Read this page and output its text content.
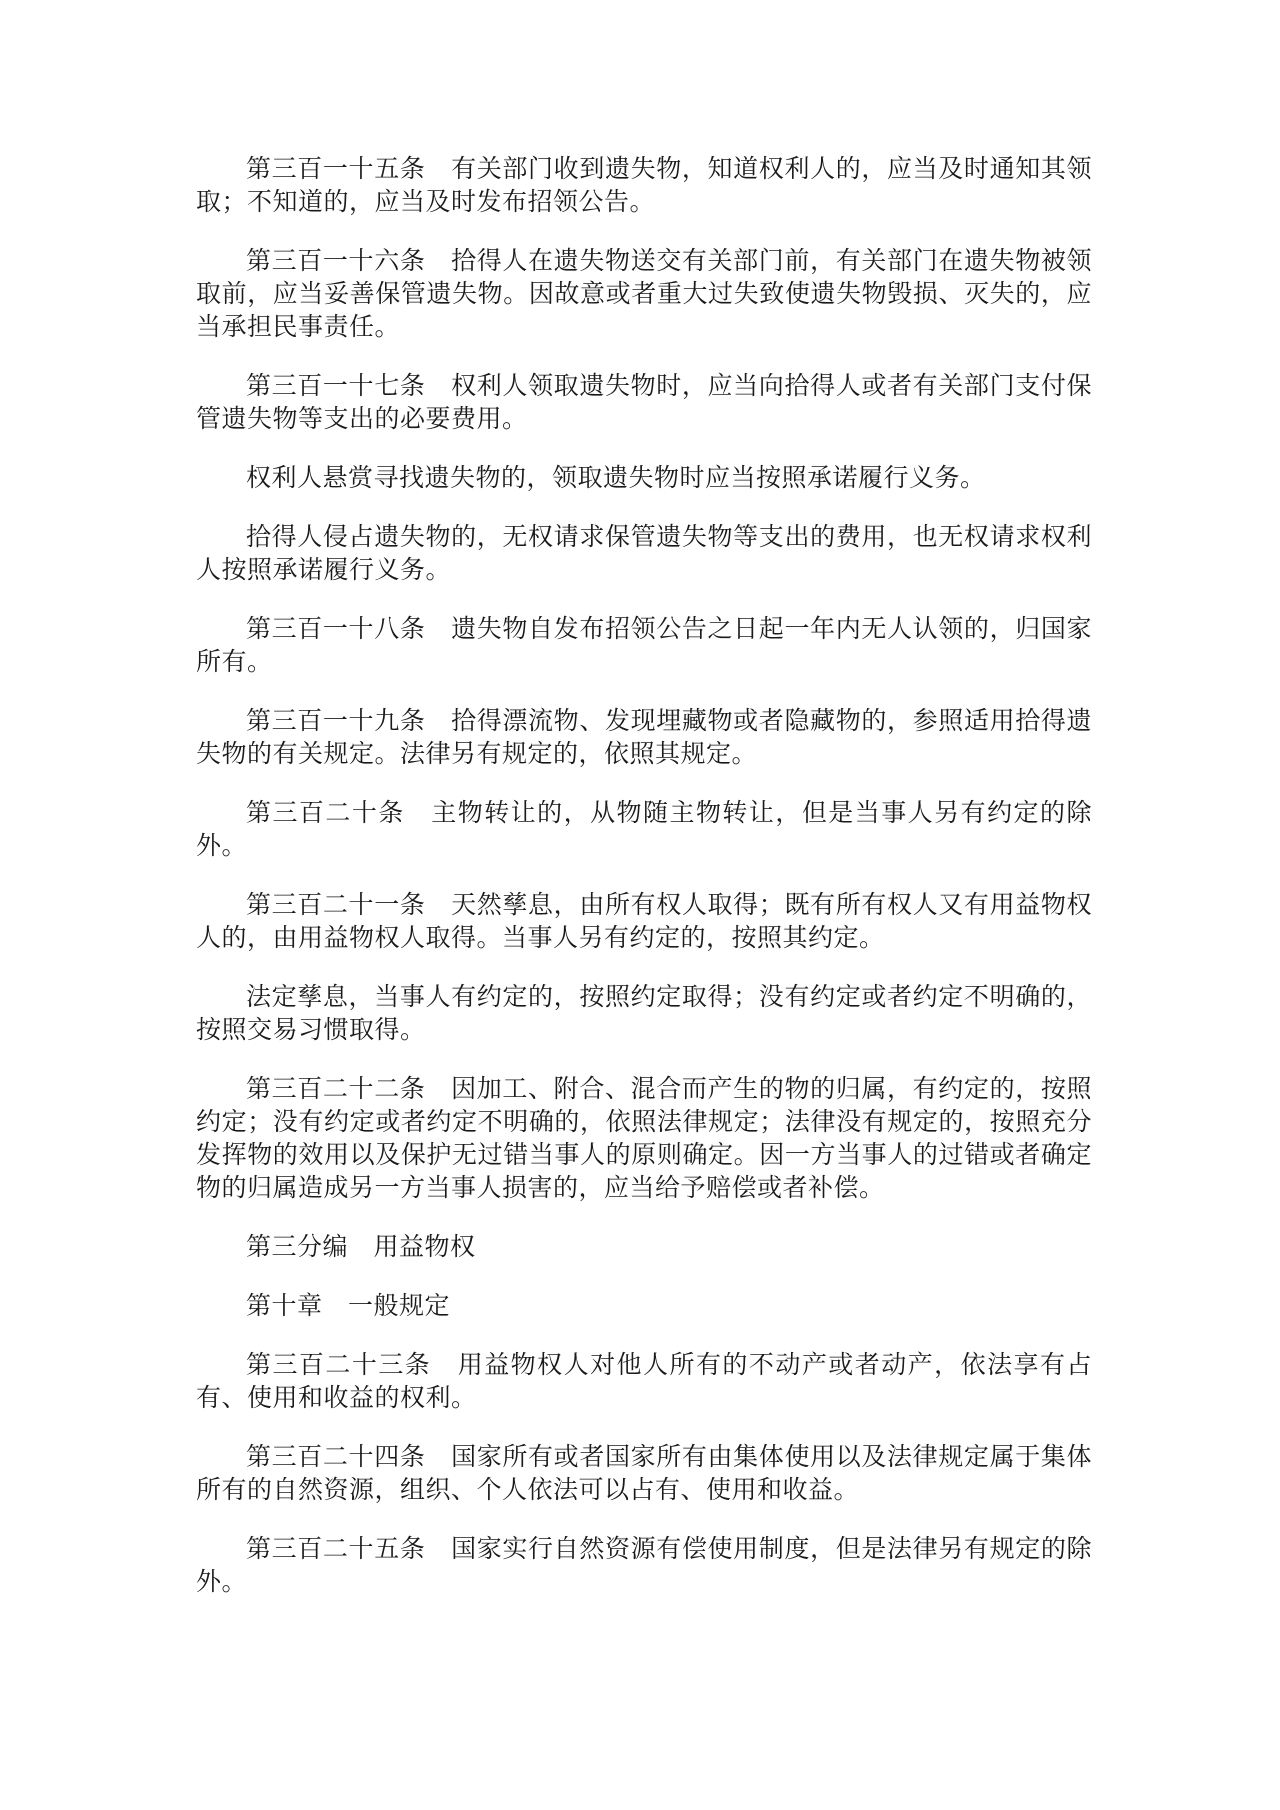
第三百一十五条　有关部门收到遗失物，知道权利人的，应当及时通知其领取；不知道的，应当及时发布招领公告。

第三百一十六条　拾得人在遗失物送交有关部门前，有关部门在遗失物被领取前，应当妥善保管遗失物。因故意或者重大过失致使遗失物毁损、灭失的，应当承担民事责任。

第三百一十七条　权利人领取遗失物时，应当向拾得人或者有关部门支付保管遗失物等支出的必要费用。

权利人悬赏寻找遗失物的，领取遗失物时应当按照承诺履行义务。

拾得人侵占遗失物的，无权请求保管遗失物等支出的费用，也无权请求权利人按照承诺履行义务。

第三百一十八条　遗失物自发布招领公告之日起一年内无人认领的，归国家所有。

第三百一十九条　拾得漂流物、发现埋藏物或者隐藏物的，参照适用拾得遗失物的有关规定。法律另有规定的，依照其规定。

第三百二十条　主物转让的，从物随主物转让，但是当事人另有约定的除外。

第三百二十一条　天然孳息，由所有权人取得；既有所有权人又有用益物权人的，由用益物权人取得。当事人另有约定的，按照其约定。

法定孳息，当事人有约定的，按照约定取得；没有约定或者约定不明确的，按照交易习惯取得。

第三百二十二条　因加工、附合、混合而产生的物的归属，有约定的，按照约定；没有约定或者约定不明确的，依照法律规定；法律没有规定的，按照充分发挥物的效用以及保护无过错当事人的原则确定。因一方当事人的过错或者确定物的归属造成另一方当事人损害的，应当给予赔偿或者补偿。

第三分编　用益物权

第十章　一般规定

第三百二十三条　用益物权人对他人所有的不动产或者动产，依法享有占有、使用和收益的权利。

第三百二十四条　国家所有或者国家所有由集体使用以及法律规定属于集体所有的自然资源，组织、个人依法可以占有、使用和收益。

第三百二十五条　国家实行自然资源有偿使用制度，但是法律另有规定的除外。
